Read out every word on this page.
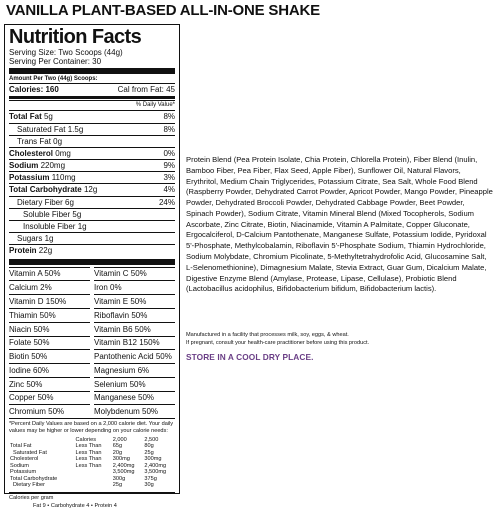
VANILLA PLANT-BASED ALL-IN-ONE SHAKE
Nutrition Facts
Serving Size: Two Scoops (44g)
Serving Per Container: 30
Amount Per Two (44g) Scoops:
Calories: 160	Cal from Fat: 45
% Daily Value*
Total Fat 5g	8%
Saturated Fat 1.5g	8%
Trans Fat 0g
Cholesterol 0mg	0%
Sodium 220mg	9%
Potassium 110mg	3%
Total Carbohydrate 12g	4%
Dietary Fiber 6g	24%
Soluble Fiber 5g
Insoluble Fiber 1g
Sugars 1g
Protein 22g
Vitamin A 50%	Vitamin C 50%
Calcium 2%	Iron 0%
Vitamin D 150%	Vitamin E 50%
Thiamin 50%	Riboflavin 50%
Niacin 50%	Vitamin B6 50%
Folate 50%	Vitamin B12 150%
Biotin 50%	Pantothenic Acid 50%
Iodine 60%	Magnesium 6%
Zinc 50%	Selenium 50%
Copper 50%	Manganese 50%
Chromium 50%	Molybdenum 50%
*Percent Daily Values are based on a 2,000 calorie diet. Your daily values may be higher or lower depending on your calorie needs:
	Calories	2,000	2,500
Total Fat	Less Than	65g	80g
Saturated Fat	Less Than	20g	25g
Cholesterol	Less Than	300mg	300mg
Sodium	Less Than	2,400mg	2,400mg
Potassium		3,500mg	3,500mg
Total Carbohydrate		300g	375g
Dietary Fiber		25g	30g
Calories per gram
Fat 9 • Carbohydrate 4 • Protein 4
Protein Blend (Pea Protein Isolate, Chia Protein, Chlorella Protein), Fiber Blend (Inulin, Bamboo Fiber, Pea Fiber, Flax Seed, Apple Fiber), Sunflower Oil, Natural Flavors, Erythritol, Medium Chain Triglycerides, Potassium Citrate, Sea Salt, Whole Food Blend (Raspberry Powder, Dehydrated Carrot Powder, Apricot Powder, Mango Powder, Pineapple Powder, Dehydrated Broccoli Powder, Dehydrated Cabbage Powder, Beet Powder, Spinach Powder), Sodium Citrate, Vitamin Mineral Blend (Mixed Tocopherols, Sodium Ascorbate, Zinc Citrate, Biotin, Niacinamide, Vitamin A Palmitate, Copper Gluconate, Ergocalciferol, D-Calcium Pantothenate, Manganese Sulfate, Potassium Iodide, Pyridoxal 5'-Phosphate, Methylcobalamin, Riboflavin 5'-Phosphate Sodium, Thiamin Hydrochloride, Sodium Molybdate, Chromium Picolinate, 5-Methyltetrahydrofolic Acid, Glucosamine Salt, L-Selenomethionine), Dimagnesium Malate, Stevia Extract, Guar Gum, Dicalcium Malate, Digestive Enzyme Blend (Amylase, Protease, Lipase, Cellulase), Probiotic Blend (Lactobacillus acidophilus, Bifidobacterium bifidum, Bifidobacterium lactis).
Manufactured in a facility that processes milk, soy, eggs, & wheat.
If pregnant, consult your health-care practitioner before using this product.
STORE IN A COOL DRY PLACE.
